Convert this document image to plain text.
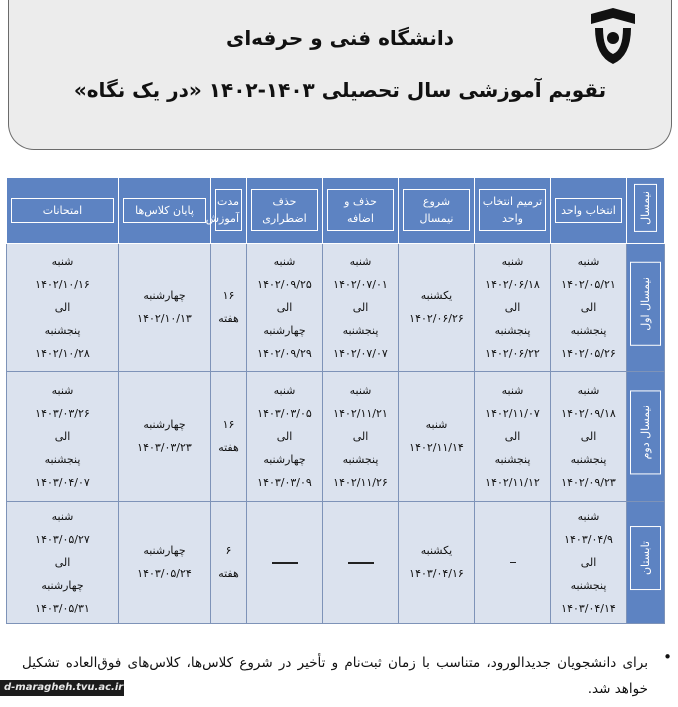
دانشگاه فنی و حرفه‌ای
تقویم آموزشی سال تحصیلی ۱۴۰۳-۱۴۰۲ «در یک نگاه»
نیمسال	انتخاب واحد	ترمیم انتخاب واحد	شروع نیمسال	حذف و اضافه	حذف اضطراری	مدت آموزش	پایان کلاس‌ها	امتحانات

نیمسال اول	شنبه
۱۴۰۲/۰۵/۲۱
الی
پنجشنبه
۱۴۰۲/۰۵/۲۶	شنبه
۱۴۰۲/۰۶/۱۸
الی
پنجشنبه
۱۴۰۲/۰۶/۲۲	یکشنبه
۱۴۰۲/۰۶/۲۶	شنبه
۱۴۰۲/۰۷/۰۱
الی
پنجشنبه
۱۴۰۲/۰۷/۰۷	شنبه
۱۴۰۲/۰۹/۲۵
الی
چهارشنبه
۱۴۰۲/۰۹/۲۹	۱۶
هفته	چهارشنبه
۱۴۰۲/۱۰/۱۳	شنبه
۱۴۰۲/۱۰/۱۶
الی
پنجشنبه
۱۴۰۲/۱۰/۲۸

نیمسال دوم	شنبه
۱۴۰۲/۰۹/۱۸
الی
پنجشنبه
۱۴۰۲/۰۹/۲۳	شنبه
۱۴۰۲/۱۱/۰۷
الی
پنجشنبه
۱۴۰۲/۱۱/۱۲	شنبه
۱۴۰۲/۱۱/۱۴	شنبه
۱۴۰۲/۱۱/۲۱
الی
پنجشنبه
۱۴۰۲/۱۱/۲۶	شنبه
۱۴۰۳/۰۳/۰۵
الی
چهارشنبه
۱۴۰۳/۰۳/۰۹	۱۶
هفته	چهارشنبه
۱۴۰۳/۰۳/۲۳	شنبه
۱۴۰۳/۰۳/۲۶
الی
پنجشنبه
۱۴۰۳/۰۴/۰۷

تابستان	شنبه
۱۴۰۳/۰۴/۹
الی
پنجشنبه
۱۴۰۳/۰۴/۱۴		یکشنبه
۱۴۰۳/۰۴/۱۶			۶ هفته	چهارشنبه
۱۴۰۳/۰۵/۲۴	شنبه
۱۴۰۳/۰۵/۲۷
الی
چهارشنبه
۱۴۰۳/۰۵/۳۱
•
برای دانشجویان جدیدالورود، متناسب با زمان ثبت‌نام و تأخیر در شروع کلاس‌ها، کلاس‌های فوق‌العاده تشکیل خواهد شد.
d-maragheh.tvu.ac.ir
